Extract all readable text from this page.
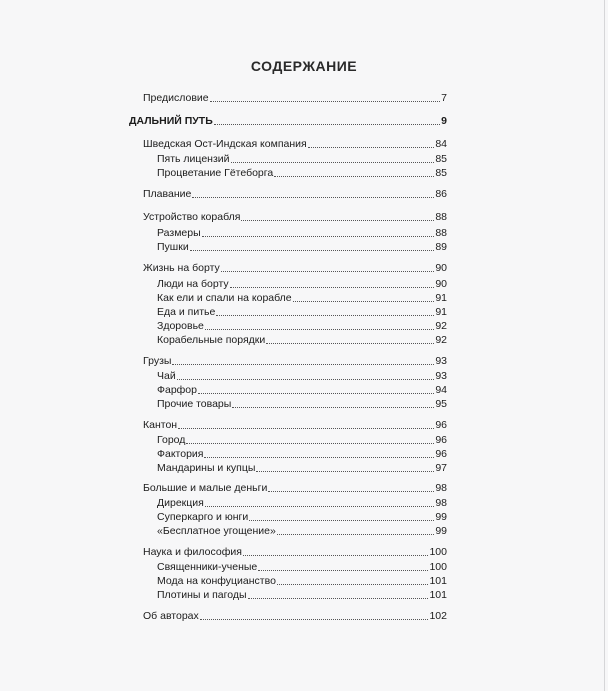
СОДЕРЖАНИЕ
Предисловие	7
ДАЛЬНИЙ ПУТЬ	9
Шведская Ост-Индская компания	84
Пять лицензий	85
Процветание Гётеборга	85
Плавание	86
Устройство корабля	88
Размеры	88
Пушки	89
Жизнь на борту	90
Люди на борту	90
Как ели и спали на корабле	91
Еда и питье	91
Здоровье	92
Корабельные порядки	92
Грузы	93
Чай	93
Фарфор	94
Прочие товары	95
Кантон	96
Город	96
Фактория	96
Мандарины и купцы	97
Большие и малые деньги	98
Дирекция	98
Суперкарго и юнги	99
«Бесплатное угощение»	99
Наука и философия	100
Священники-ученые	100
Мода на конфуцианство	101
Плотины и пагоды	101
Об авторах	102
